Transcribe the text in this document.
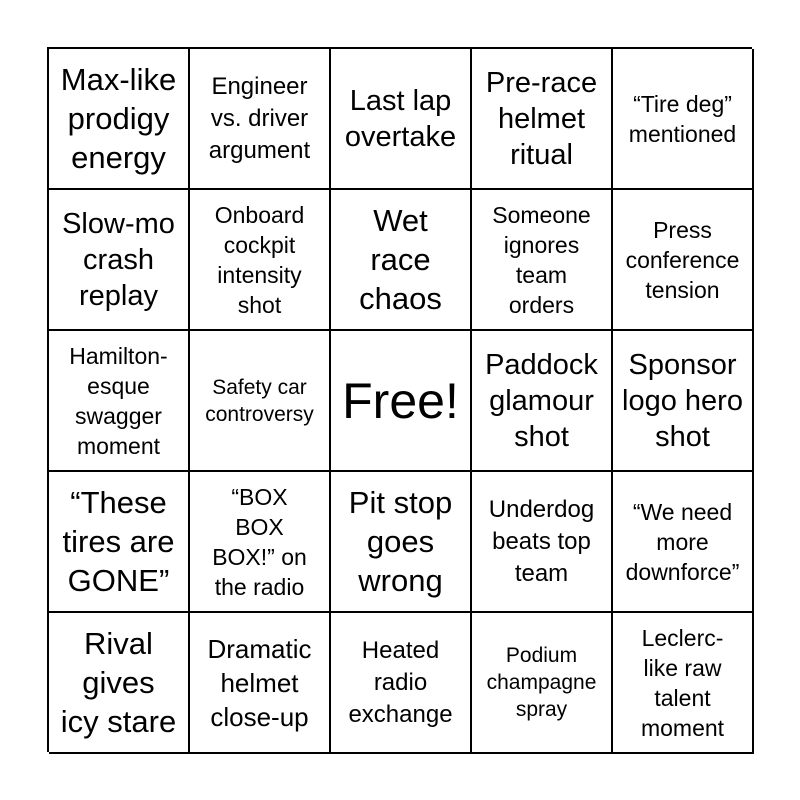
Max-like
prodigy
energy
Engineer
vs. driver
argument
Last lap
overtake
Pre-race
helmet
ritual
“Tire deg”
mentioned
Slow-mo
crash
replay
Onboard
cockpit
intensity
shot
Wet
race
chaos
Someone
ignores
team
orders
Press
conference
tension
Hamilton-
esque
swagger
moment
Safety car
controversy Free!
Paddock
glamour
shot
Sponsor
logo hero
shot
“These
tires are
GONE”
“BOX
BOX
BOX!” on
the radio
Pit stop
goes
wrong
Underdog
beats top
team
“We need
more
downforce”
Rival
gives
icy stare
Dramatic
helmet
close-up
Heated
radio
exchange
Podium
champagne
spray
Leclerc-
like raw
talent
moment
